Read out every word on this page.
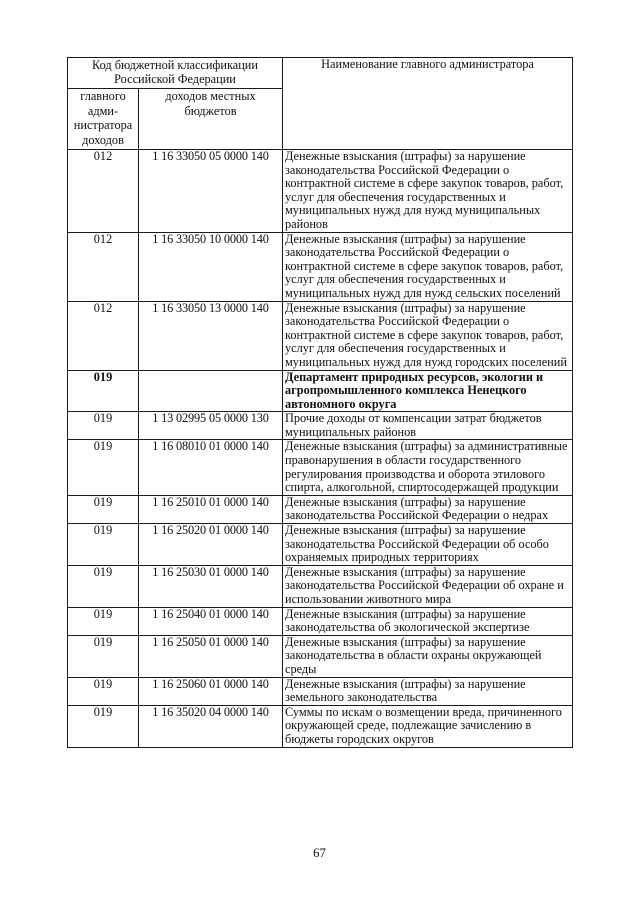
Код бюджетной классификации Российской Федерации		Наименование главного администратора
главного адми-нистратора доходов	доходов местных бюджетов	
012	1 16 33050 05 0000 140	Денежные взыскания (штрафы) за нарушение законодательства Российской Федерации о контрактной системе в сфере закупок товаров, работ, услуг для обеспечения государственных и муниципальных нужд для нужд муниципальных районов
012	1 16 33050 10 0000 140	Денежные взыскания (штрафы) за нарушение законодательства Российской Федерации о контрактной системе в сфере закупок товаров, работ, услуг для обеспечения государственных и муниципальных нужд для нужд сельских поселений
012	1 16 33050 13 0000 140	Денежные взыскания (штрафы) за нарушение законодательства Российской Федерации о контрактной системе в сфере закупок товаров, работ, услуг для обеспечения государственных и муниципальных нужд для нужд городских поселений
019		Департамент природных ресурсов, экологии и агропромышленного комплекса Ненецкого автономного округа
019	1 13 02995 05 0000 130	Прочие доходы от компенсации затрат бюджетов муниципальных районов
019	1 16 08010 01 0000 140	Денежные взыскания (штрафы) за административные правонарушения в области государственного регулирования производства и оборота этилового спирта, алкогольной, спиртосодержащей продукции
019	1 16 25010 01 0000 140	Денежные взыскания (штрафы) за нарушение законодательства Российской Федерации о недрах
019	1 16 25020 01 0000 140	Денежные взыскания (штрафы) за нарушение законодательства Российской Федерации об особо охраняемых природных территориях
019	1 16 25030 01 0000 140	Денежные взыскания (штрафы) за нарушение законодательства Российской Федерации об охране и использовании животного мира
019	1 16 25040 01 0000 140	Денежные взыскания (штрафы) за нарушение законодательства об экологической экспертизе
019	1 16 25050 01 0000 140	Денежные взыскания (штрафы) за нарушение законодательства в области охраны окружающей среды
019	1 16 25060 01 0000 140	Денежные взыскания (штрафы) за нарушение земельного законодательства
019	1 16 35020 04 0000 140	Суммы по искам о возмещении вреда, причиненного окружающей среде, подлежащие зачислению в бюджеты городских округов
67
